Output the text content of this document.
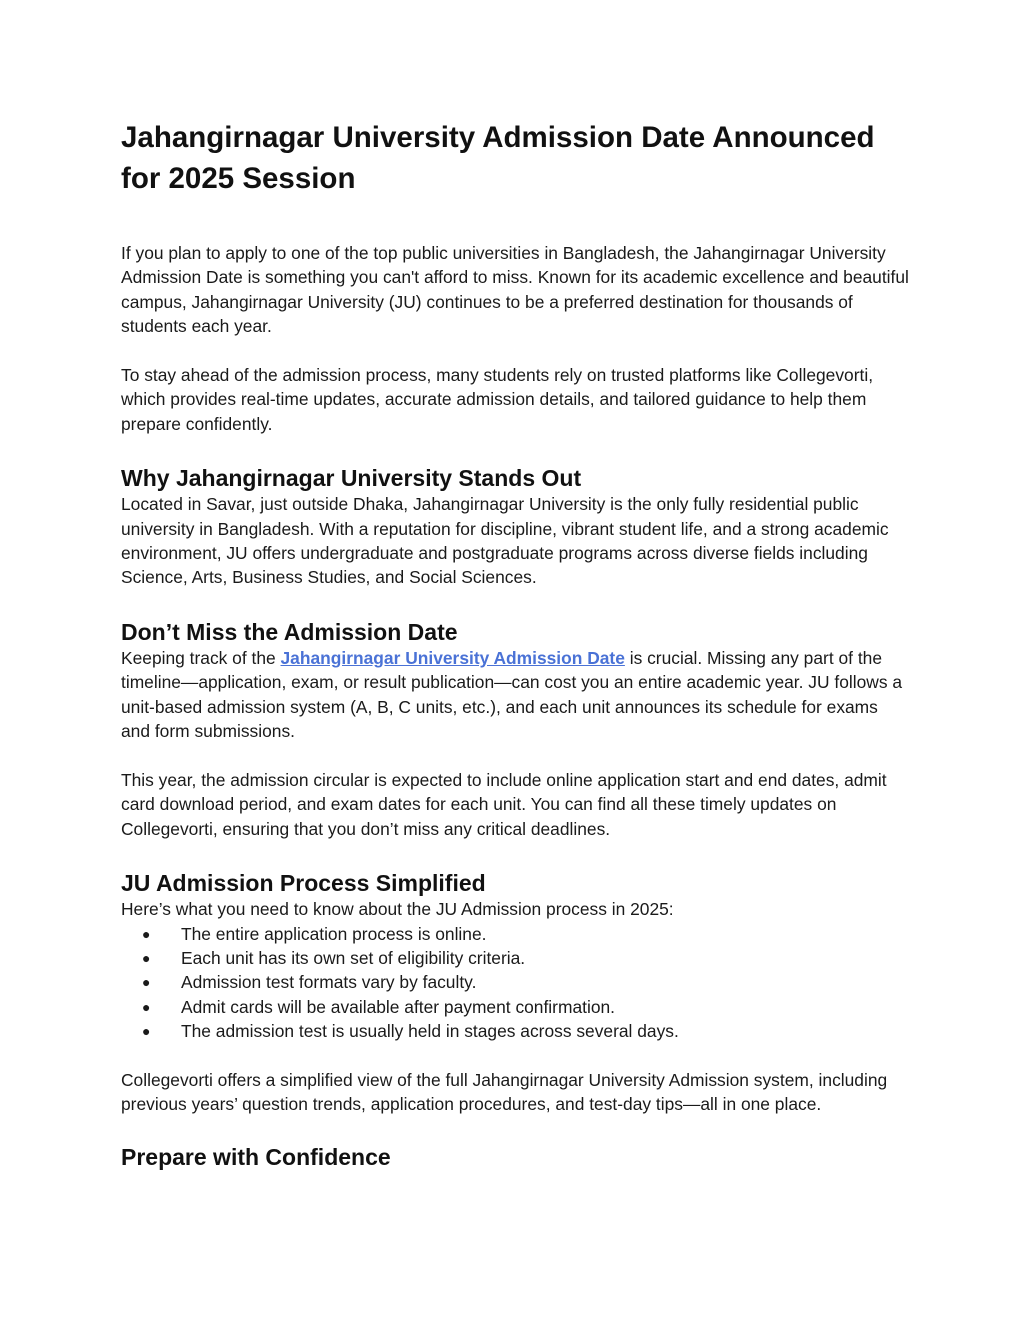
Jahangirnagar University Admission Date Announced for 2025 Session

If you plan to apply to one of the top public universities in Bangladesh, the Jahangirnagar University Admission Date is something you can't afford to miss. Known for its academic excellence and beautiful campus, Jahangirnagar University (JU) continues to be a preferred destination for thousands of students each year.

To stay ahead of the admission process, many students rely on trusted platforms like Collegevorti, which provides real-time updates, accurate admission details, and tailored guidance to help them prepare confidently.

Why Jahangirnagar University Stands Out

Located in Savar, just outside Dhaka, Jahangirnagar University is the only fully residential public university in Bangladesh. With a reputation for discipline, vibrant student life, and a strong academic environment, JU offers undergraduate and postgraduate programs across diverse fields including Science, Arts, Business Studies, and Social Sciences.

Don’t Miss the Admission Date

Keeping track of the Jahangirnagar University Admission Date is crucial. Missing any part of the timeline—application, exam, or result publication—can cost you an entire academic year. JU follows a unit-based admission system (A, B, C units, etc.), and each unit announces its schedule for exams and form submissions.

This year, the admission circular is expected to include online application start and end dates, admit card download period, and exam dates for each unit. You can find all these timely updates on Collegevorti, ensuring that you don’t miss any critical deadlines.

JU Admission Process Simplified

Here’s what you need to know about the JU Admission process in 2025:

● The entire application process is online.
● Each unit has its own set of eligibility criteria.
● Admission test formats vary by faculty.
● Admit cards will be available after payment confirmation.
● The admission test is usually held in stages across several days.

Collegevorti offers a simplified view of the full Jahangirnagar University Admission system, including previous years’ question trends, application procedures, and test-day tips—all in one place.

Prepare with Confidence
